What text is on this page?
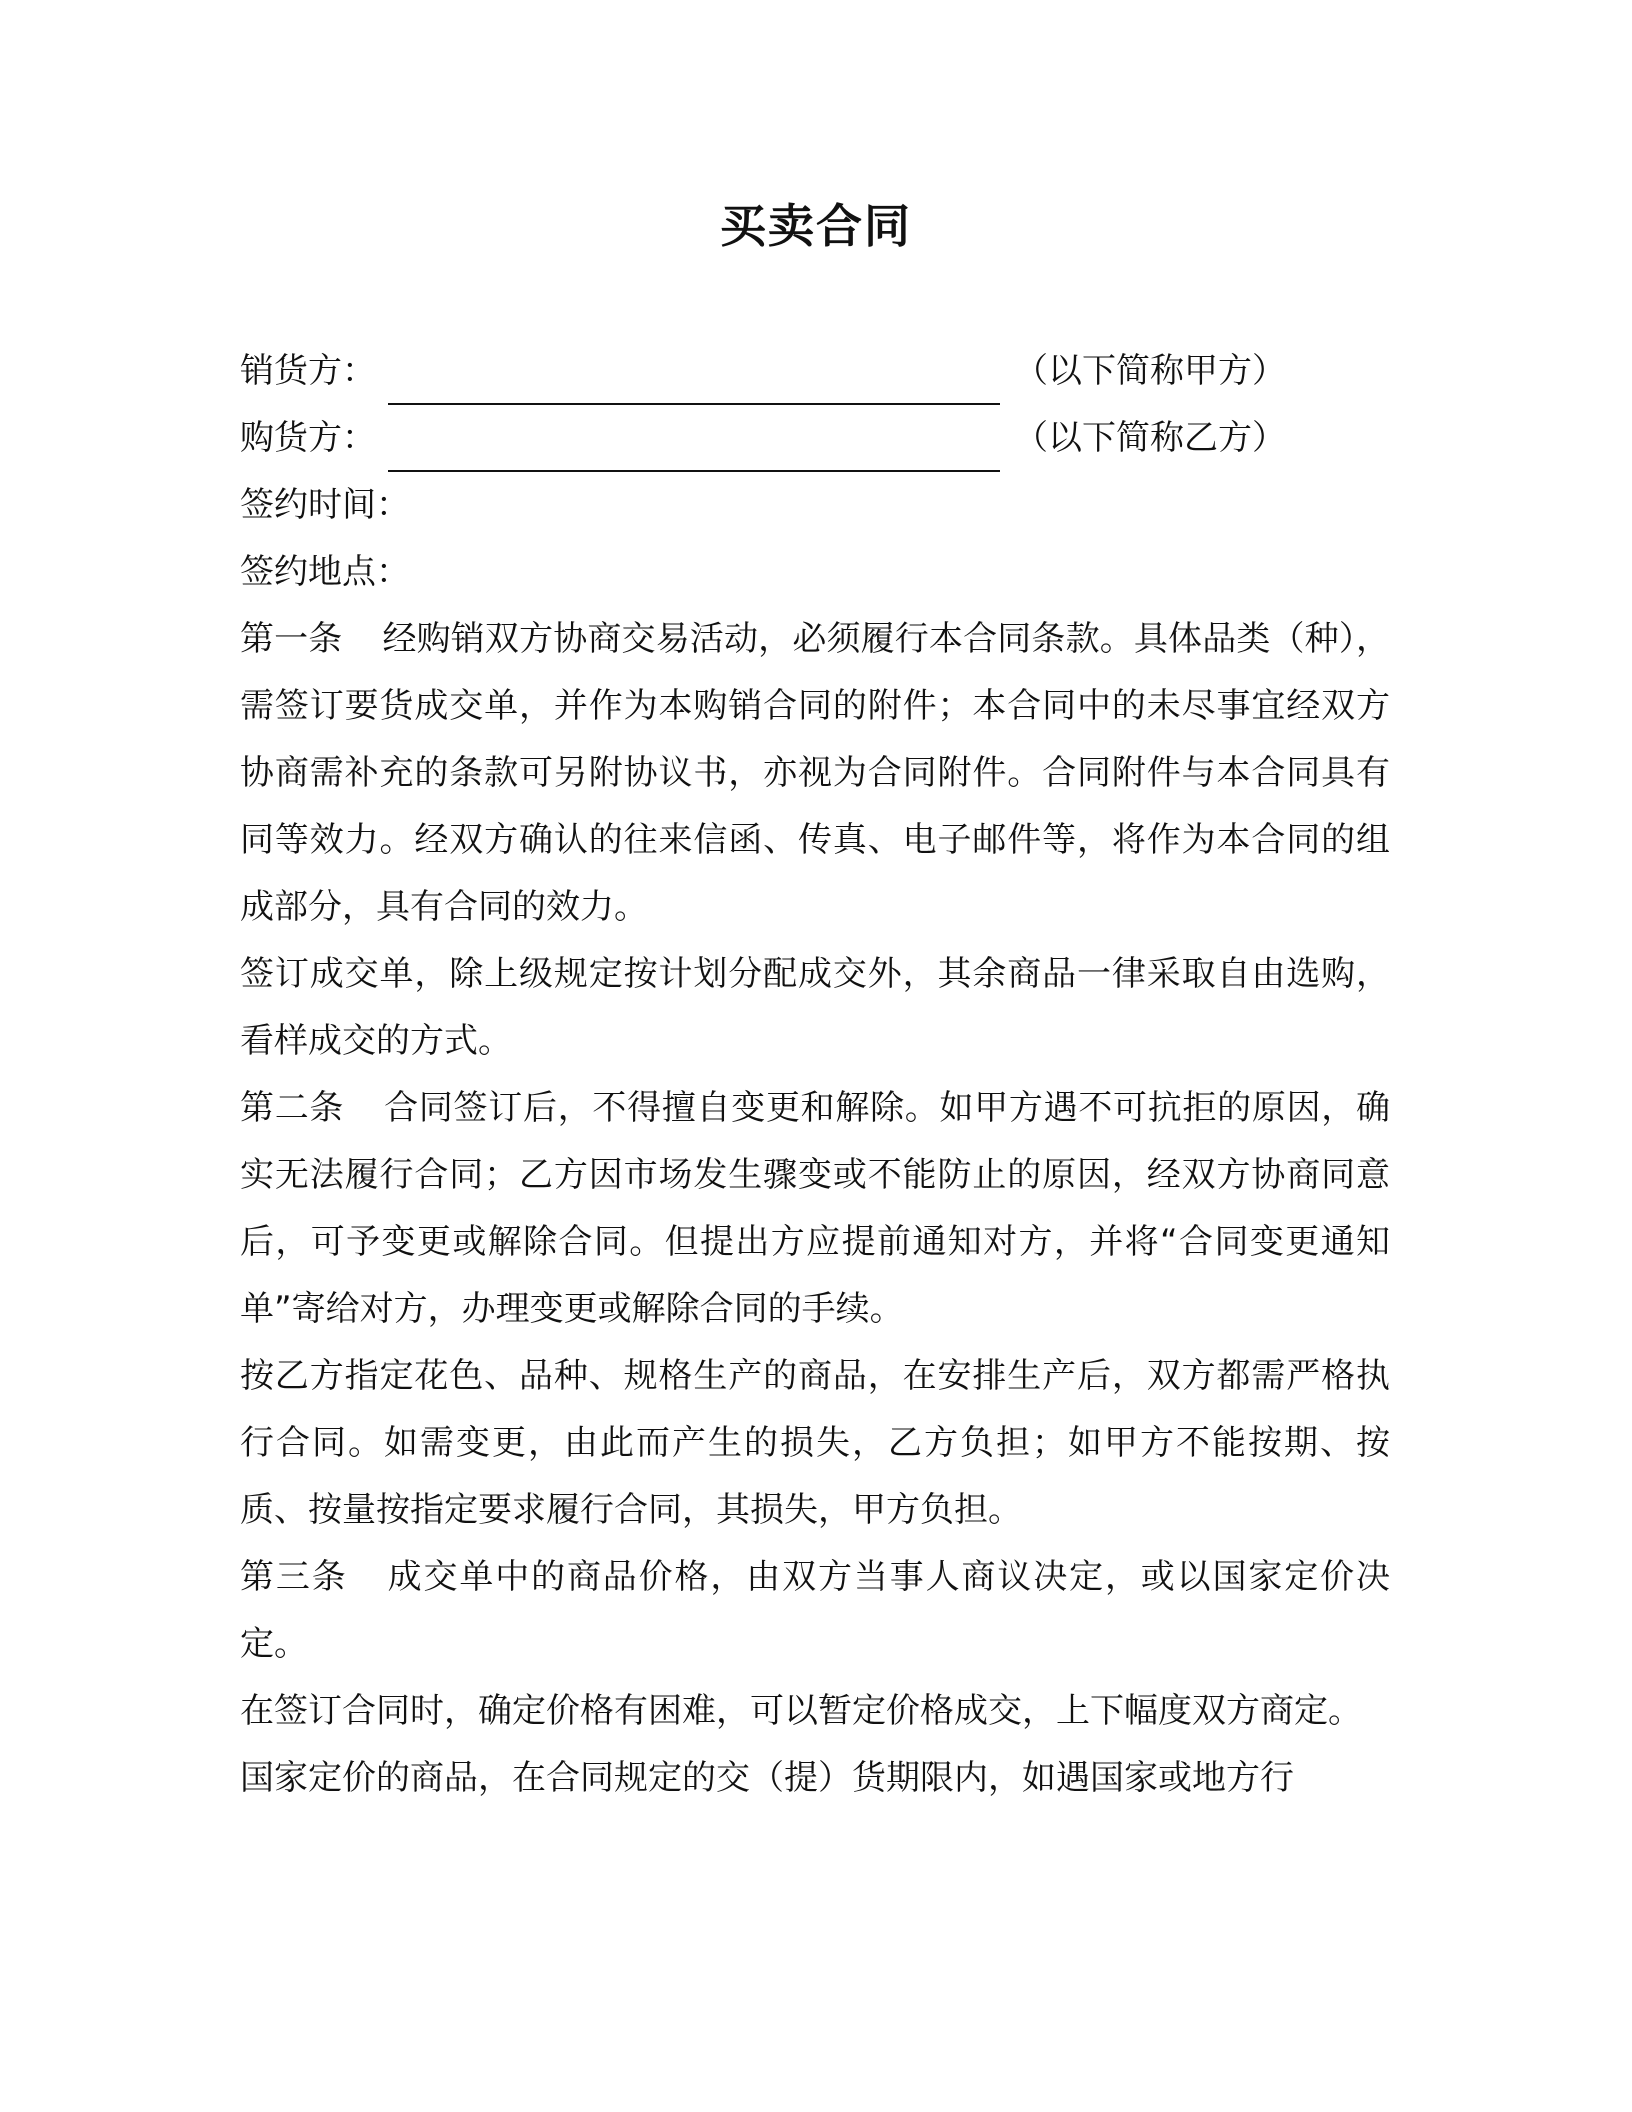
买卖合同
销货方：	（以下简称甲方）
购货方：	（以下简称乙方）
签约时间：
签约地点：

第一条 经购销双方协商交易活动，必须履行本合同条款。具体品类（种），需签订要货成交单，并作为本购销合同的附件；本合同中的未尽事宜经双方协商需补充的条款可另附协议书，亦视为合同附件。合同附件与本合同具有同等效力。经双方确认的往来信函、传真、电子邮件等，将作为本合同的组成部分，具有合同的效力。

签订成交单，除上级规定按计划分配成交外，其余商品一律采取自由选购，看样成交的方式。

第二条 合同签订后，不得擅自变更和解除。如甲方遇不可抗拒的原因，确实无法履行合同；乙方因市场发生骤变或不能防止的原因，经双方协商同意后，可予变更或解除合同。但提出方应提前通知对方，并将“合同变更通知单”寄给对方，办理变更或解除合同的手续。

按乙方指定花色、品种、规格生产的商品，在安排生产后，双方都需严格执行合同。如需变更，由此而产生的损失，乙方负担；如甲方不能按期、按质、按量按指定要求履行合同，其损失，甲方负担。

第三条 成交单中的商品价格，由双方当事人商议决定，或以国家定价决定。

在签订合同时，确定价格有困难，可以暂定价格成交，上下幅度双方商定。

国家定价的商品，在合同规定的交（提）货期限内，如遇国家或地方行
